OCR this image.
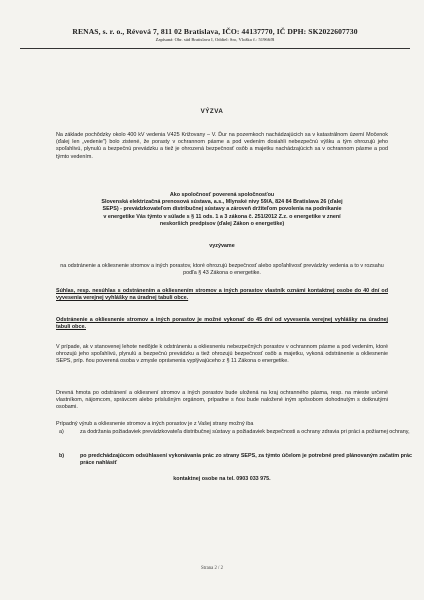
RENAS, s. r. o., Révová 7, 811 02 Bratislava, IČO: 44137770, IČ DPH: SK2022607730
Zapísaná: Obr. súd Bratislava I, Oddiel: Sro, Vložka č.: 51966/B
VÝZVA
Na základe pochôdzky okolo 400 kV vedenia V425 Križovany – V. Ďur na pozemkoch nachádzajúcich sa v katastrálnom území Močenok (ďalej len „vedenie") bolo zistené, že porasty v ochrannom pásme a pod vedením dosiahli nebezpečnú výšku a tým ohrozujú jeho spoľahlivú, plynulú a bezpečnú prevádzku a tiež je ohrozená bezpečnosť osôb a majetku nachádzajúcich sa v ochrannom pásme a pod týmto vedením.
Ako spoločnosť poverená spoločnosťou
Slovenská elektrizačná prenosová sústava, a.s., Mlynské nivy 59/A, 824 84 Bratislava 26 (ďalej
SEPS) - prevádzkovateľom distribučnej sústavy a zároveň držiteľom povolenia na podnikanie
v energetike Vás týmto v súlade s § 11 ods. 1 a 3 zákona č. 251/2012 Z.z. o energetike v znení
neskorších predpisov (ďalej Zákon o energetike)
vyzývame
na odstránenie a okliesnenie stromov a iných porastov, ktoré ohrozujú bezpečnosť alebo spoľahlivosť prevádzky vedenia a to v rozsahu podľa § 43 Zákona o energetike.
Súhlas, resp. nesúhlas s odstránením a okliesnením stromov a iných porastov vlastník oznámi kontaktnej osobe do 40 dní od vyvesenia verejnej vyhlášky na úradnej tabuli obce.
Odstránenie a okliesnenie stromov a iných porastov je možné vykonať do 45 dní od vyvesenia verejnej vyhlášky na úradnej tabuli obce.
V prípade, ak v stanovenej lehote nedôjde k odstráneniu a okliesneniu nebezpečných porastov v ochrannom pásme a pod vedením, ktoré ohrozujú jeho spoľahlivú, plynulú a bezpečnú prevádzku a tiež ohrozujú bezpečnosť osôb a majetku, vykoná odstránenie a okliesnenie SEPS, príp. ňou poverená osoba v zmysle oprávnenia vyplývajúceho z § 11 Zákona o energetike.
Drevná hmota po odstránení a okliesnení stromov a iných porastov bude uložená na kraj ochranného pásma, resp. na mieste určené vlastníkom, nájomcom, správcom alebo príslušným orgánom, prípadne s ňou bude naložené iným spôsobom dohodnutým s dotknutými osobami.
Prípadný výrub a okliesnenie stromov a iných porastov je z Vašej strany možný iba
a)	za dodržania požiadaviek prevádzkovateľa distribučnej sústavy a požiadaviek bezpečnosti a ochrany zdravia pri práci a požiarnej ochrany,
b)	po predchádzajúcom odsúhlasení vykonávania prác zo strany SEPS, za týmto účelom je potrebné pred plánovaným začatím prác práce nahlásiť
kontaktnej osobe na tel. 0903 033 975.
Strana 2 / 2
